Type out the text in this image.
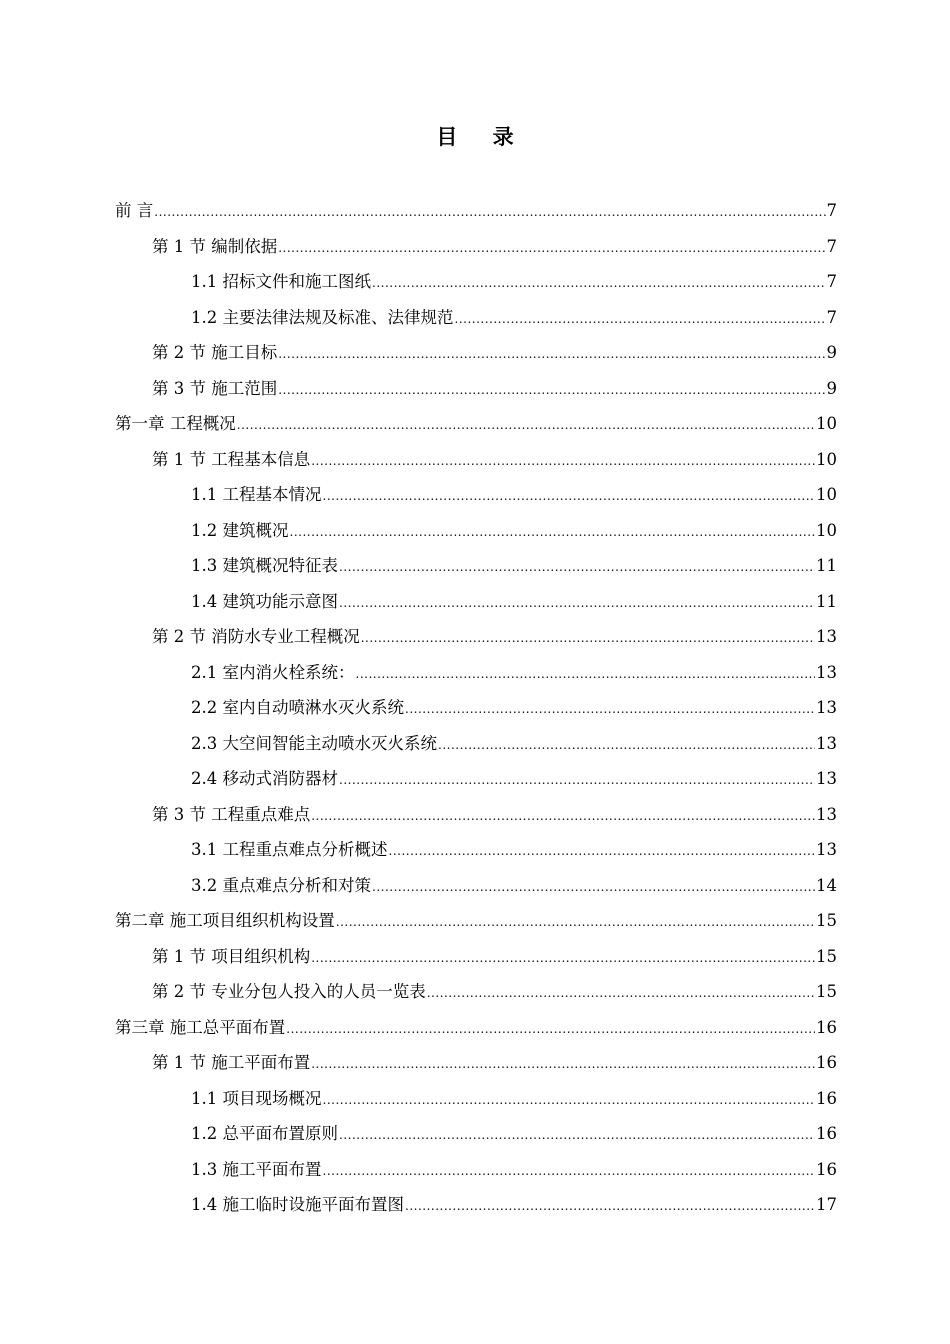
目 录
前 言 .....	7
第 1 节 编制依据 .....	7
1.1 招标文件和施工图纸 .....	7
1.2 主要法律法规及标准、法律规范 .....	7
第 2 节 施工目标 .....	9
第 3 节 施工范围 .....	9
第一章 工程概况 .....	10
第 1 节 工程基本信息 .....	10
1.1 工程基本情况 .....	10
1.2 建筑概况 .....	10
1.3 建筑概况特征表 .....	11
1.4 建筑功能示意图 .....	11
第 2 节 消防水专业工程概况 .....	13
2.1 室内消火栓系统： .....	13
2.2 室内自动喷淋水灭火系统 .....	13
2.3 大空间智能主动喷水灭火系统 .....	13
2.4 移动式消防器材 .....	13
第 3 节 工程重点难点 .....	13
3.1 工程重点难点分析概述 .....	13
3.2 重点难点分析和对策 .....	14
第二章 施工项目组织机构设置 .....	15
第 1 节 项目组织机构 .....	15
第 2 节 专业分包人投入的人员一览表 .....	15
第三章 施工总平面布置 .....	16
第 1 节 施工平面布置 .....	16
1.1 项目现场概况 .....	16
1.2 总平面布置原则 .....	16
1.3 施工平面布置 .....	16
1.4 施工临时设施平面布置图 .....	17
